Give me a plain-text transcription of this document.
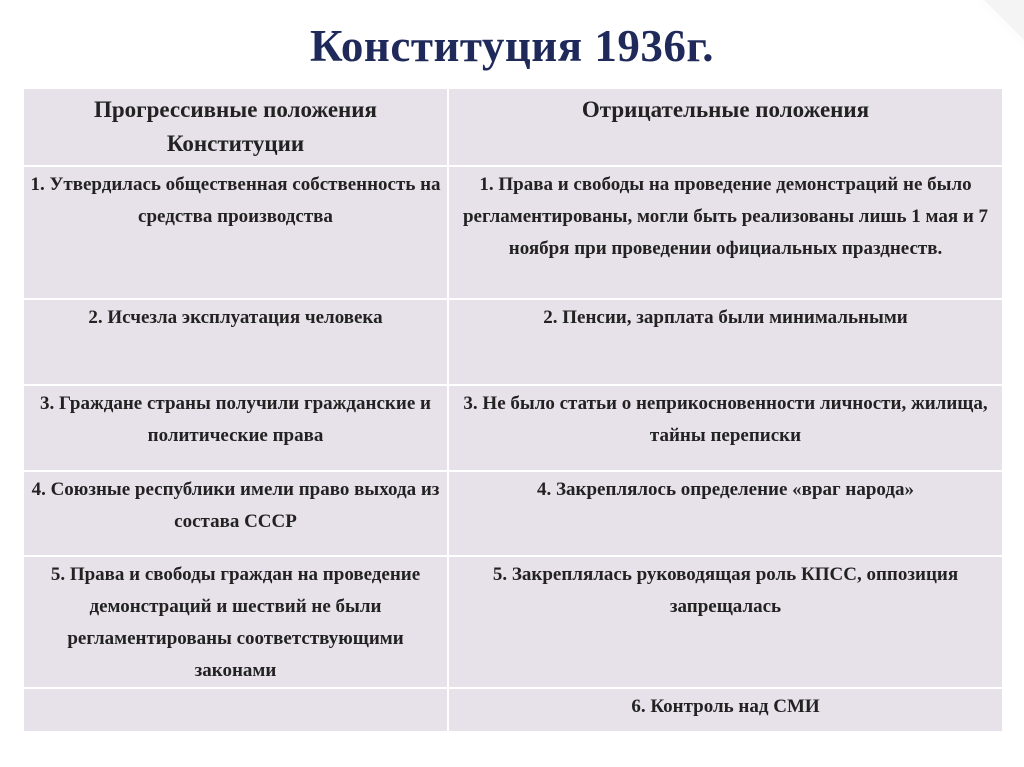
Конституция 1936г.
Прогрессивные положения Конституции	Отрицательные положения
1. Утвердилась общественная собственность на средства производства	1. Права и свободы на проведение демонстраций не было регламентированы, могли быть реализованы лишь 1 мая и 7 ноября при проведении официальных празднеств.
2. Исчезла эксплуатация человека	2. Пенсии, зарплата были минимальными
3. Граждане страны получили гражданские и политические права	3. Не было статьи о неприкосновенности личности, жилища, тайны переписки
4. Союзные республики имели право выхода из состава СССР	4. Закреплялось определение «враг народа»
5. Права и свободы граждан на проведение демонстраций и шествий не были регламентированы соответствующими законами	5. Закреплялась руководящая роль КПСС, оппозиция запрещалась
	6. Контроль над СМИ
